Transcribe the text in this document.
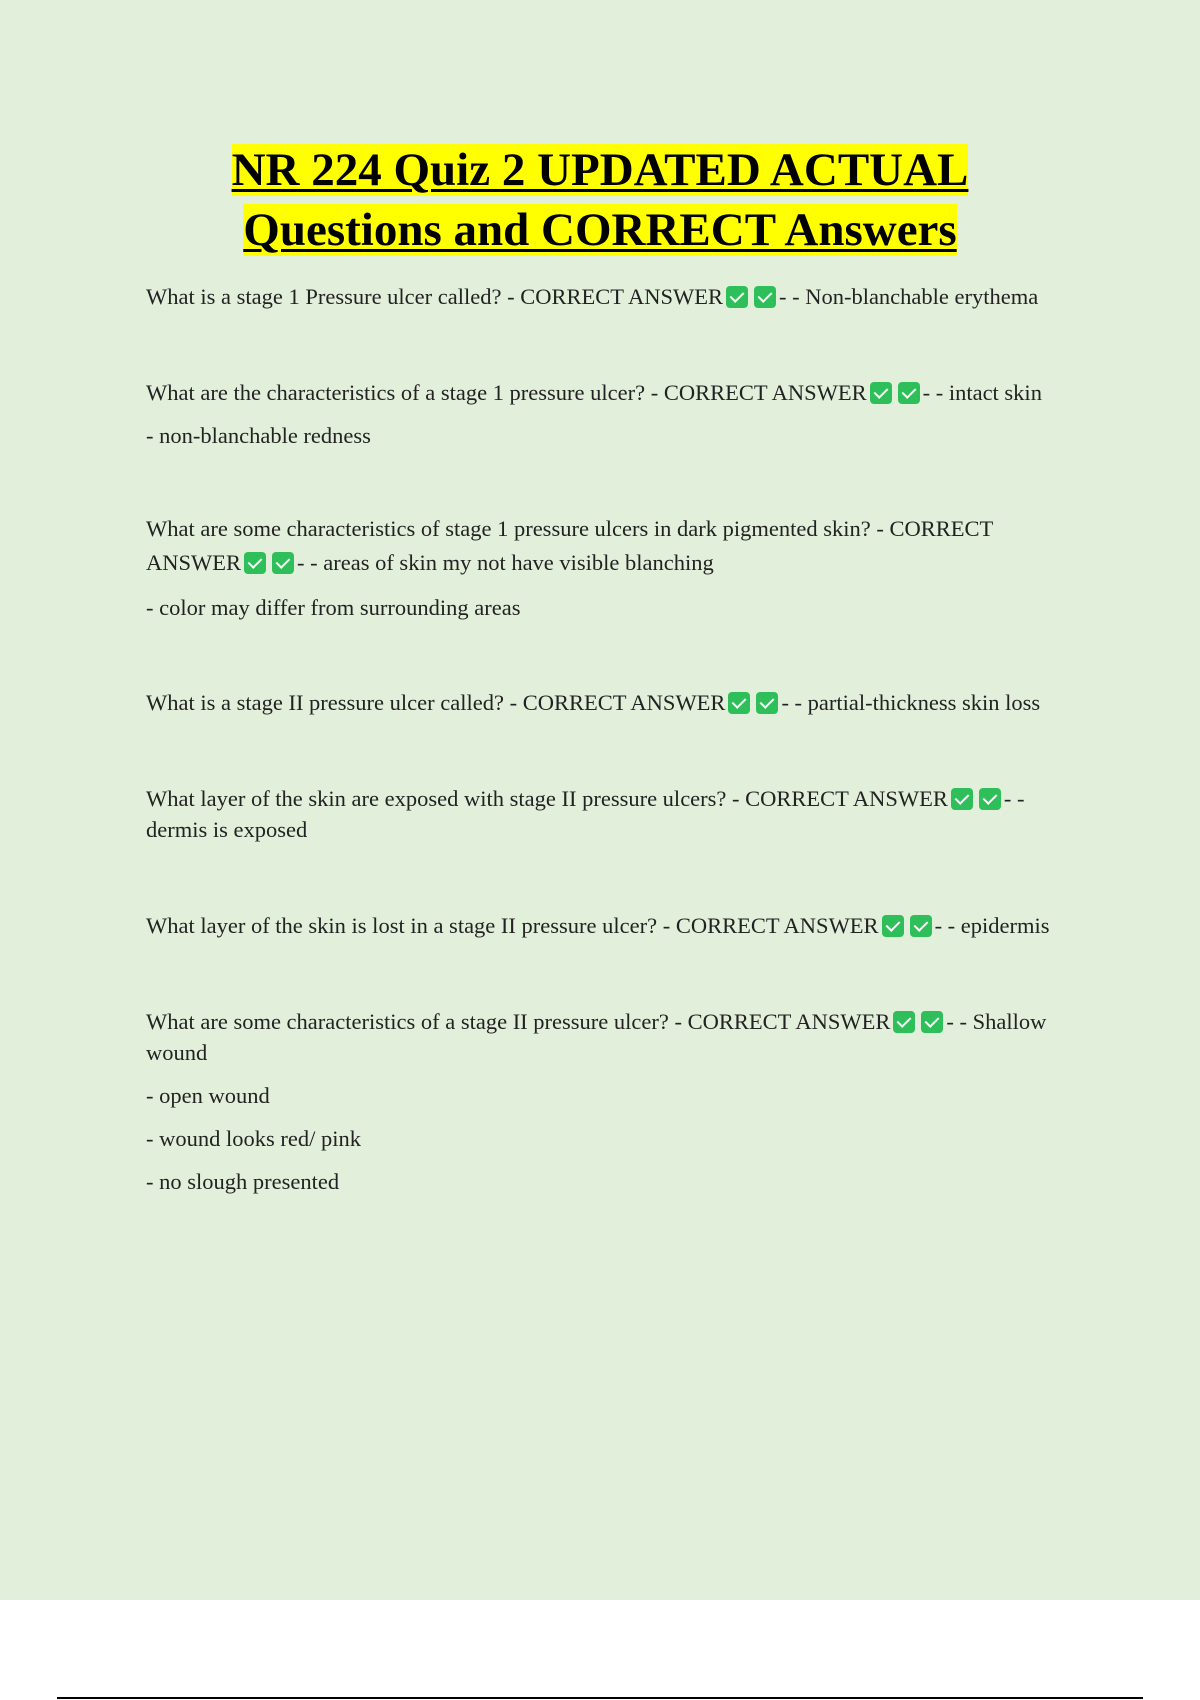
NR 224 Quiz 2 UPDATED ACTUAL
Questions and CORRECT Answers

What is a stage 1 Pressure ulcer called? - CORRECT ANSWER - - Non-blanchable erythema

What are the characteristics of a stage 1 pressure ulcer? - CORRECT ANSWER - - intact skin

- non-blanchable redness

What are some characteristics of stage 1 pressure ulcers in dark pigmented skin? - CORRECT ANSWER - - areas of skin my not have visible blanching

- color may differ from surrounding areas

What is a stage II pressure ulcer called? - CORRECT ANSWER - - partial-thickness skin loss

What layer of the skin are exposed with stage II pressure ulcers? - CORRECT ANSWER - - dermis is exposed

What layer of the skin is lost in a stage II pressure ulcer? - CORRECT ANSWER - - epidermis

What are some characteristics of a stage II pressure ulcer? - CORRECT ANSWER - - Shallow wound

- open wound

- wound looks red/ pink

- no slough presented
